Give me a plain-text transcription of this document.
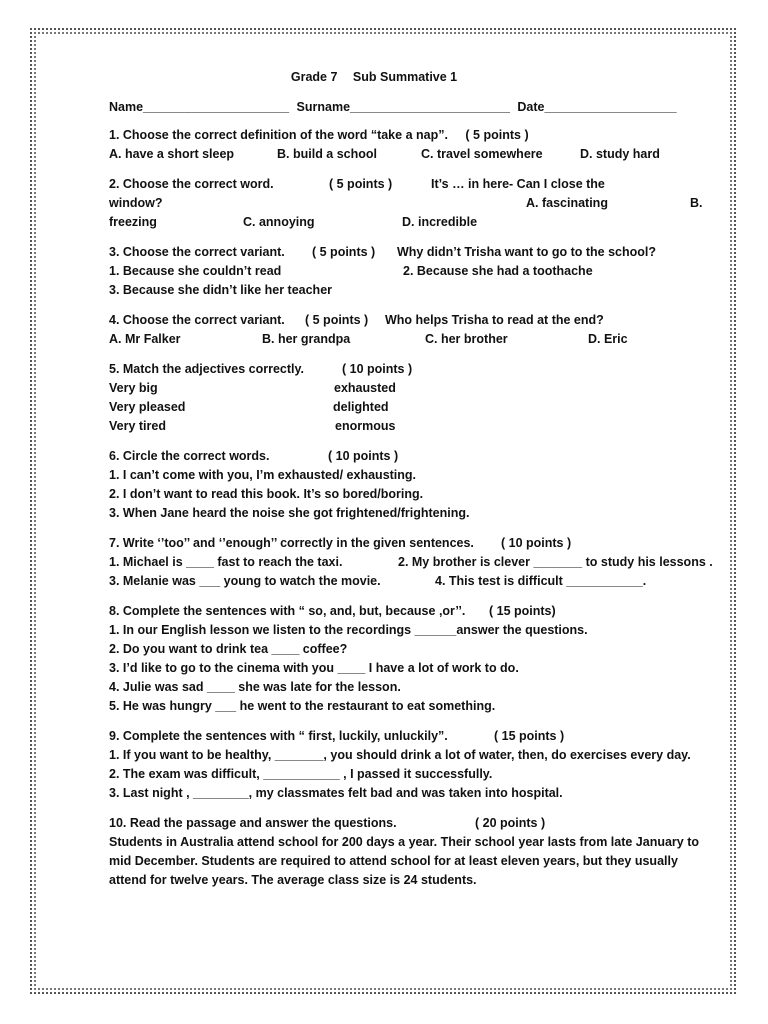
Grade 7 Sub Summative 1
Name_____________________ Surname_______________________ Date___________________
1. Choose the correct definition of the word “take a nap”. ( 5 points )
A. have a short sleep	B. build a school	C. travel somewhere	D. study hard
2. Choose the correct word.	( 5 points )	It’s … in here- Can I close the
window?	A. fascinating	B.
freezing	C. annoying	D. incredible
3. Choose the correct variant. ( 5 points ) Why didn’t Trisha want to go to the school?
1. Because she couldn’t read	2. Because she had a toothache
3. Because she didn’t like her teacher
4. Choose the correct variant. ( 5 points ) Who helps Trisha to read at the end?
A. Mr Falker	B. her grandpa	C. her brother	D. Eric
5. Match the adjectives correctly.	( 10 points )
Very big	exhausted
Very pleased	delighted
Very tired	enormous
6. Circle the correct words.	( 10 points )
1. I can’t come with you, I’m exhausted/ exhausting.
2. I don’t want to read this book. It’s so bored/boring.
3. When Jane heard the noise she got frightened/frightening.
7. Write ‘’too’’ and ‘’enough’’ correctly in the given sentences. ( 10 points )
1. Michael is ____ fast to reach the taxi.	2. My brother is clever _______ to study his lessons .
3. Melanie was ___ young to watch the movie.	4. This test is difficult ___________.
8. Complete the sentences with “ so, and, but, because ,or’’. ( 15 points)
1. In our English lesson we listen to the recordings ______answer the questions.
2. Do you want to drink tea ____ coffee?
3. I’d like to go to the cinema with you ____ I have a lot of work to do.
4. Julie was sad ____ she was late for the lesson.
5. He was hungry ___ he went to the restaurant to eat something.
9. Complete the sentences with “ first, luckily, unluckily”.	( 15 points )
1. If you want to be healthy, _______, you should drink a lot of water, then, do exercises every day.
2. The exam was difficult, ___________ , I passed it successfully.
3. Last night , ________, my classmates felt bad and was taken into hospital.
10. Read the passage and answer the questions.	( 20 points )
Students in Australia attend school for 200 days a year. Their school year lasts from late January to mid December. Students are required to attend school for at least eleven years, but they usually attend for twelve years. The average class size is 24 students.
